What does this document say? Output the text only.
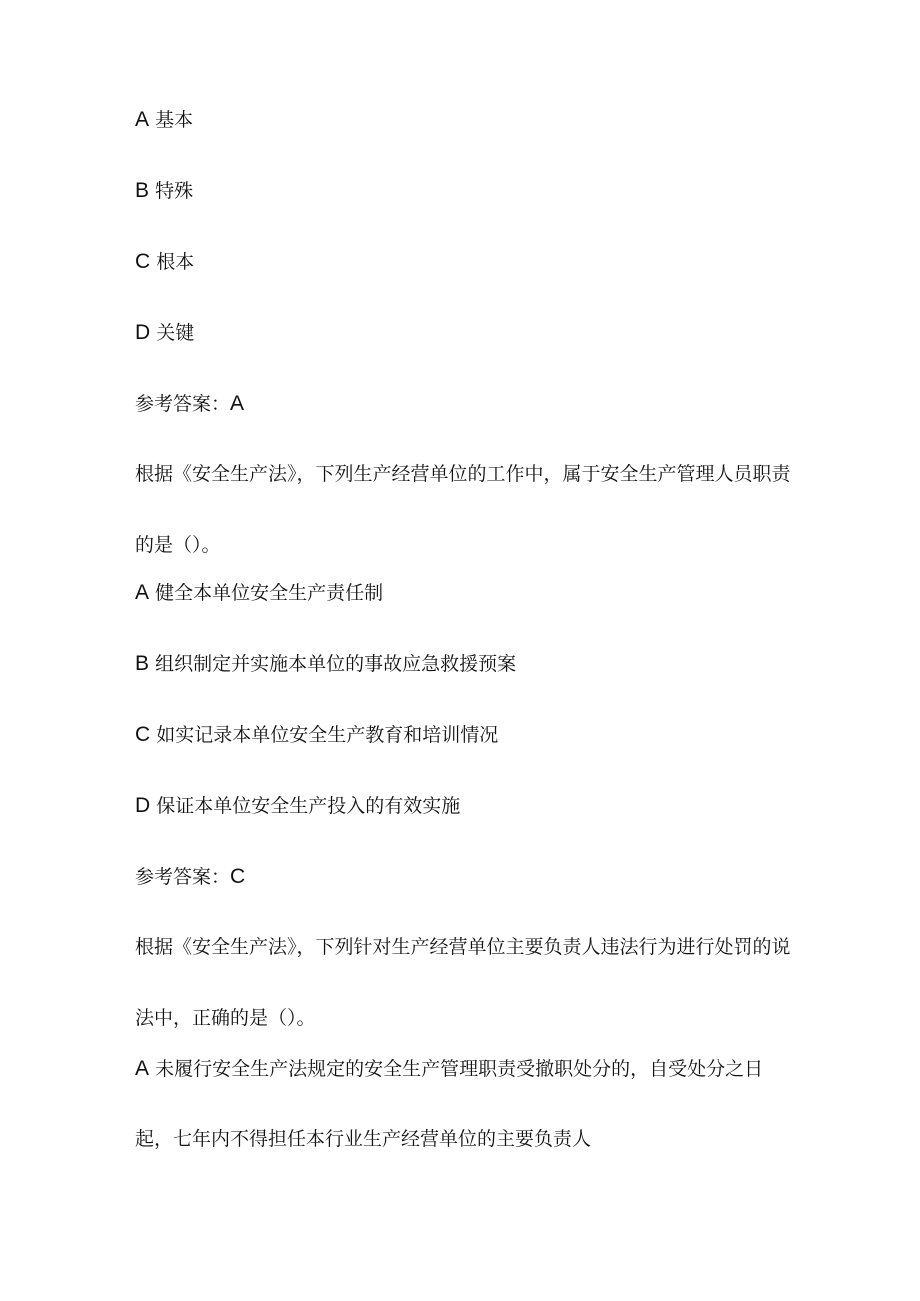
A 基本
B 特殊
C 根本
D 关键
参考答案：A
根据《安全生产法》，下列生产经营单位的工作中，属于安全生产管理人员职责的是（）。
A 健全本单位安全生产责任制
B 组织制定并实施本单位的事故应急救援预案
C 如实记录本单位安全生产教育和培训情况
D 保证本单位安全生产投入的有效实施
参考答案：C
根据《安全生产法》，下列针对生产经营单位主要负责人违法行为进行处罚的说法中，正确的是（）。
A 未履行安全生产法规定的安全生产管理职责受撤职处分的，自受处分之日起，七年内不得担任本行业生产经营单位的主要负责人
